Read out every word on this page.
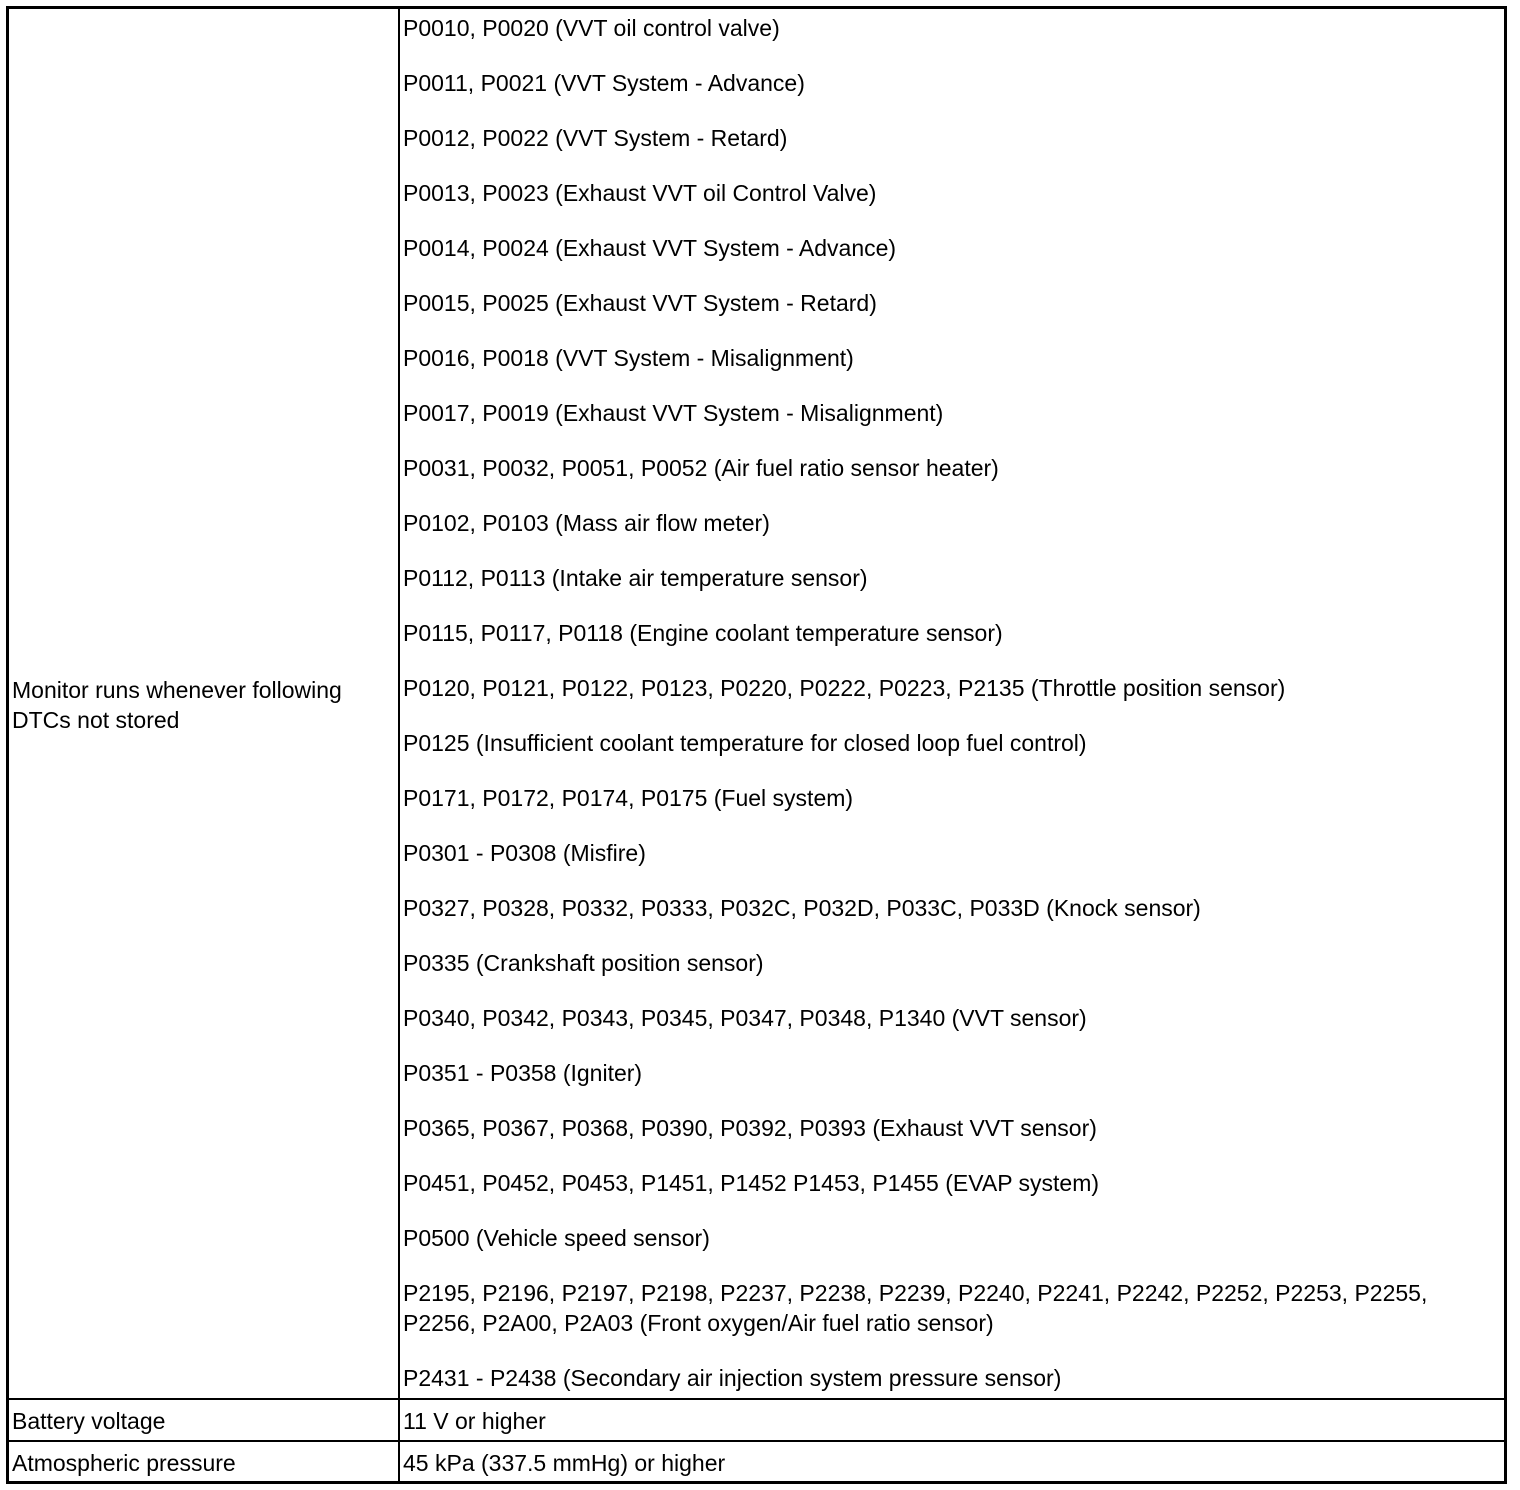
Monitor runs whenever following DTCs not stored
P0010, P0020 (VVT oil control valve)
P0011, P0021 (VVT System - Advance)
P0012, P0022 (VVT System - Retard)
P0013, P0023 (Exhaust VVT oil Control Valve)
P0014, P0024 (Exhaust VVT System - Advance)
P0015, P0025 (Exhaust VVT System - Retard)
P0016, P0018 (VVT System - Misalignment)
P0017, P0019 (Exhaust VVT System - Misalignment)
P0031, P0032, P0051, P0052 (Air fuel ratio sensor heater)
P0102, P0103 (Mass air flow meter)
P0112, P0113 (Intake air temperature sensor)
P0115, P0117, P0118 (Engine coolant temperature sensor)
P0120, P0121, P0122, P0123, P0220, P0222, P0223, P2135 (Throttle position sensor)
P0125 (Insufficient coolant temperature for closed loop fuel control)
P0171, P0172, P0174, P0175 (Fuel system)
P0301 - P0308 (Misfire)
P0327, P0328, P0332, P0333, P032C, P032D, P033C, P033D (Knock sensor)
P0335 (Crankshaft position sensor)
P0340, P0342, P0343, P0345, P0347, P0348, P1340 (VVT sensor)
P0351 - P0358 (Igniter)
P0365, P0367, P0368, P0390, P0392, P0393 (Exhaust VVT sensor)
P0451, P0452, P0453, P1451, P1452 P1453, P1455 (EVAP system)
P0500 (Vehicle speed sensor)
P2195, P2196, P2197, P2198, P2237, P2238, P2239, P2240, P2241, P2242, P2252, P2253, P2255, P2256, P2A00, P2A03 (Front oxygen/Air fuel ratio sensor)
P2431 - P2438 (Secondary air injection system pressure sensor)
Battery voltage	11 V or higher
Atmospheric pressure	45 kPa (337.5 mmHg) or higher
